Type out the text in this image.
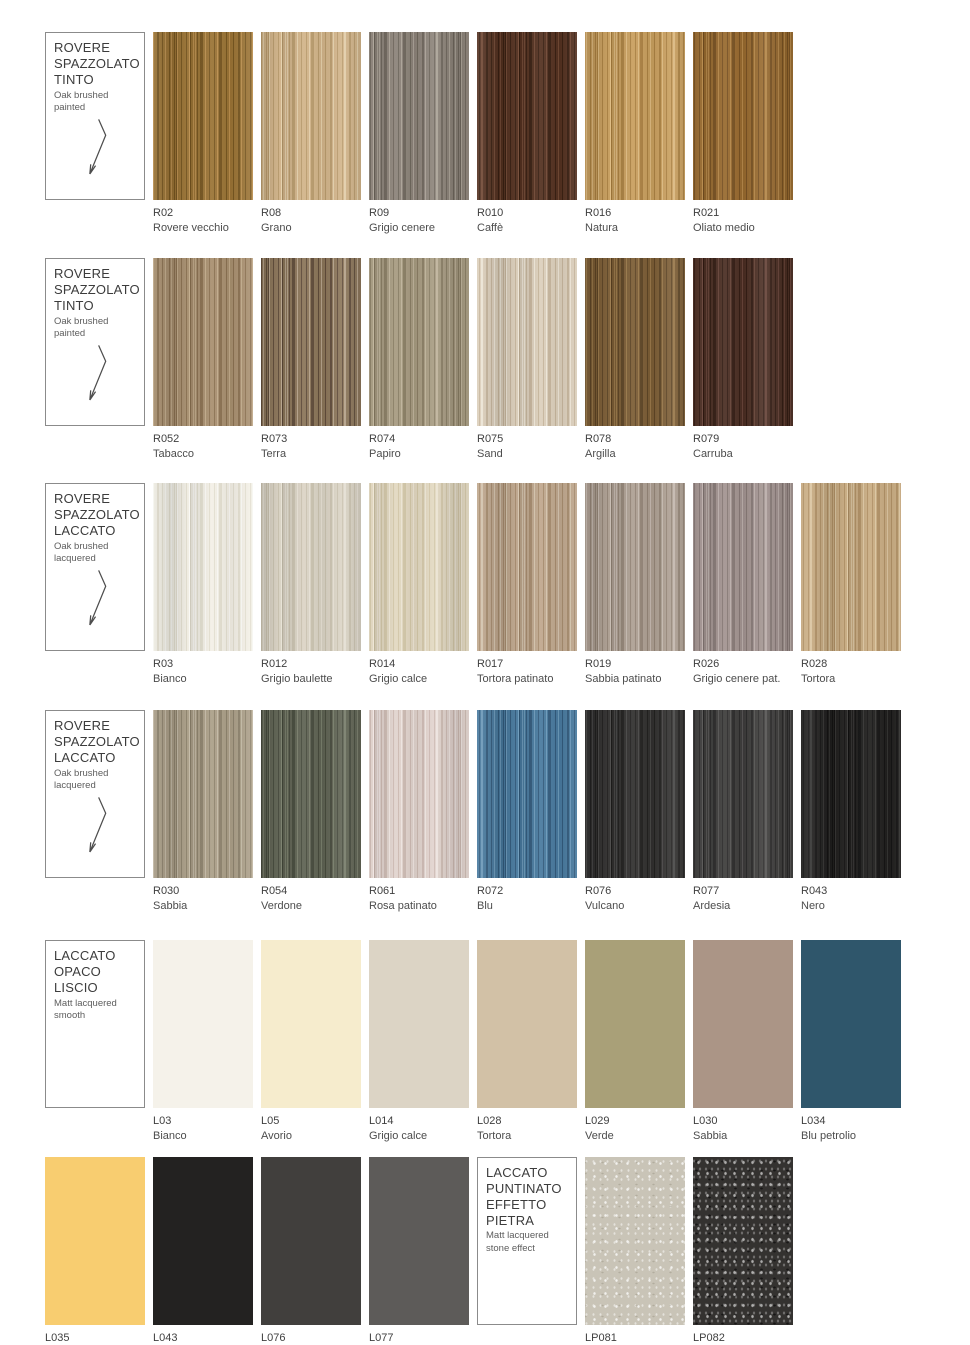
ROVERE SPAZZOLATO TINTO
Oak brushed painted
R02
Rovere vecchio
R08
Grano
R09
Grigio cenere
R010
Caffè
R016
Natura
R021
Oliato medio
ROVERE SPAZZOLATO TINTO
Oak brushed painted
R052
Tabacco
R073
Terra
R074
Papiro
R075
Sand
R078
Argilla
R079
Carruba
ROVERE SPAZZOLATO LACCATO
Oak brushed lacquered
R03
Bianco
R012
Grigio baulette
R014
Grigio calce
R017
Tortora patinato
R019
Sabbia patinato
R026
Grigio cenere pat.
R028
Tortora
ROVERE SPAZZOLATO LACCATO
Oak brushed lacquered
R030
Sabbia
R054
Verdone
R061
Rosa patinato
R072
Blu
R076
Vulcano
R077
Ardesia
R043
Nero
LACCATO OPACO LISCIO
Matt lacquered smooth
L03
Bianco
L05
Avorio
L014
Grigio calce
L028
Tortora
L029
Verde
L030
Sabbia
L034
Blu petrolio
L035	L043	L076	L077
LACCATO PUNTINATO EFFETTO PIETRA
Matt lacquered stone effect
LP081	LP082
